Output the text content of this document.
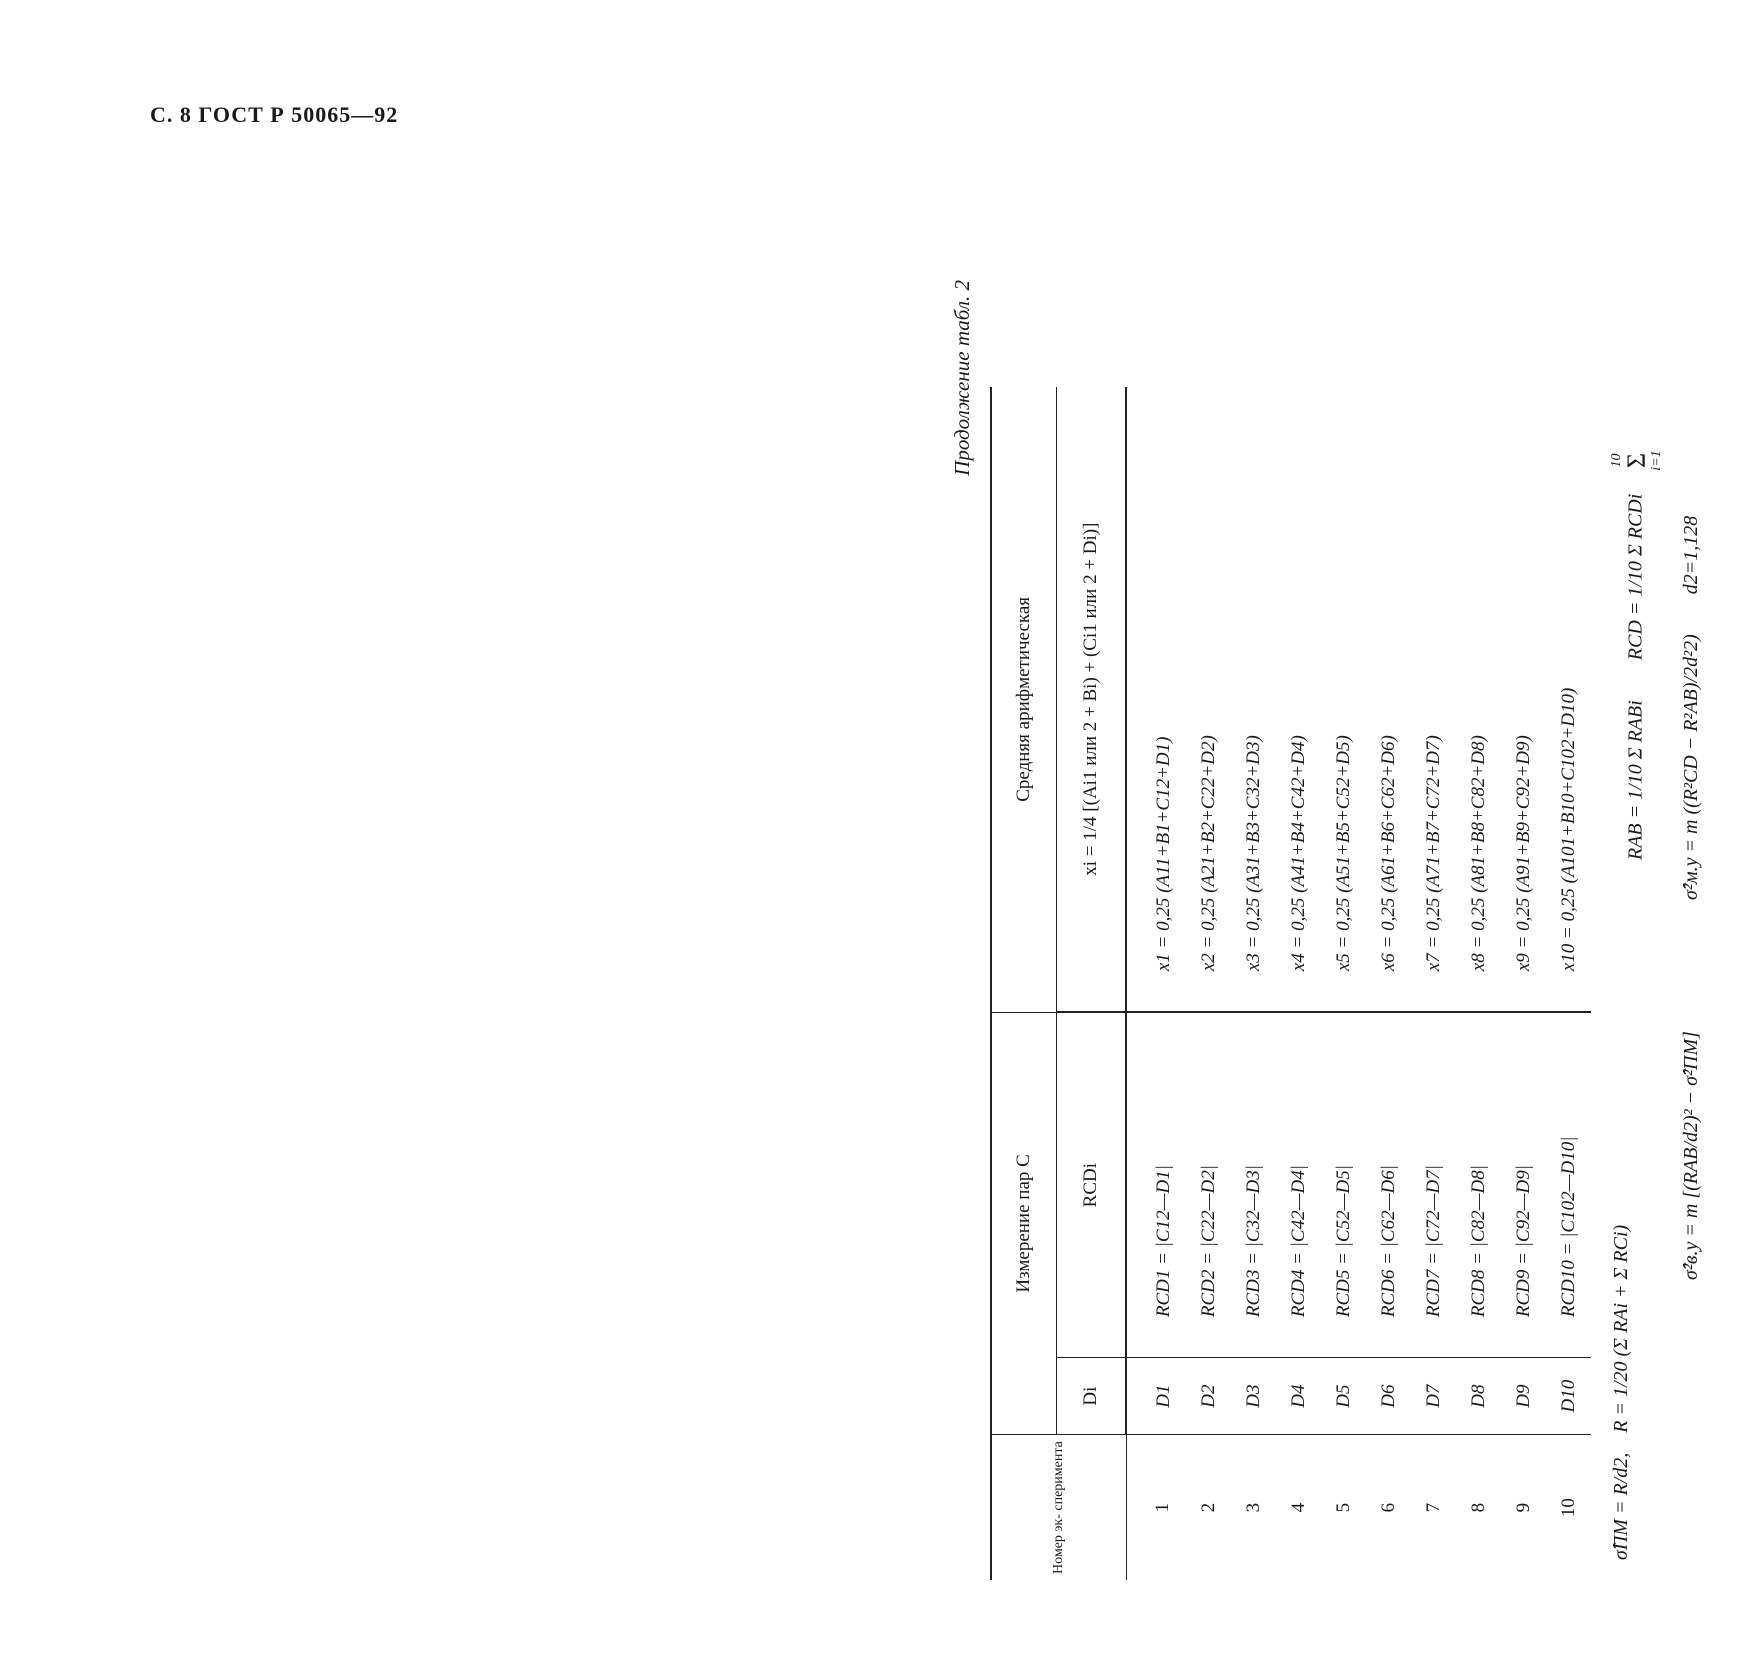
С. 8 ГОСТ Р 50065—92
Продолжение табл. 2
Номер эк- сперимента	Измерение пар C		Средняя арифметическая
	Di	RCDi	xi = 1/4 [(Ai1 или 2 + Bi) + (Ci1 или 2 + Di)]
1	D1	RCD1 = |C12—D1|	x1 = 0,25 (A11+B1+C12+D1)
2	D2	RCD2 = |C22—D2|	x2 = 0,25 (A21+B2+C22+D2)
3	D3	RCD3 = |C32—D3|	x3 = 0,25 (A31+B3+C32+D3)
4	D4	RCD4 = |C42—D4|	x4 = 0,25 (A41+B4+C42+D4)
5	D5	RCD5 = |C52—D5|	x5 = 0,25 (A51+B5+C52+D5)
6	D6	RCD6 = |C62—D6|	x6 = 0,25 (A61+B6+C62+D6)
7	D7	RCD7 = |C72—D7|	x7 = 0,25 (A71+B7+C72+D7)
8	D8	RCD8 = |C82—D8|	x8 = 0,25 (A81+B8+C82+D8)
9	D9	RCD9 = |C92—D9|	x9 = 0,25 (A91+B9+C92+D9)
10	D10	RCD10 = |C102—D10|	x10 = 0,25 (A101+B10+C102+D10)
σ̂ПМ = R/d2,    R = 1/20 (Σ RAi + Σ RCi)
σ̂²в.у = m [(RAB/d2)² − σ̂²ПМ]
RAB = 1/10 Σ RABi        RCD = 1/10 Σ RCDi    10
Σ
i=1
σ̂²м.у = m ((R²CD − R²AB)/2d²2)        d2=1,128
